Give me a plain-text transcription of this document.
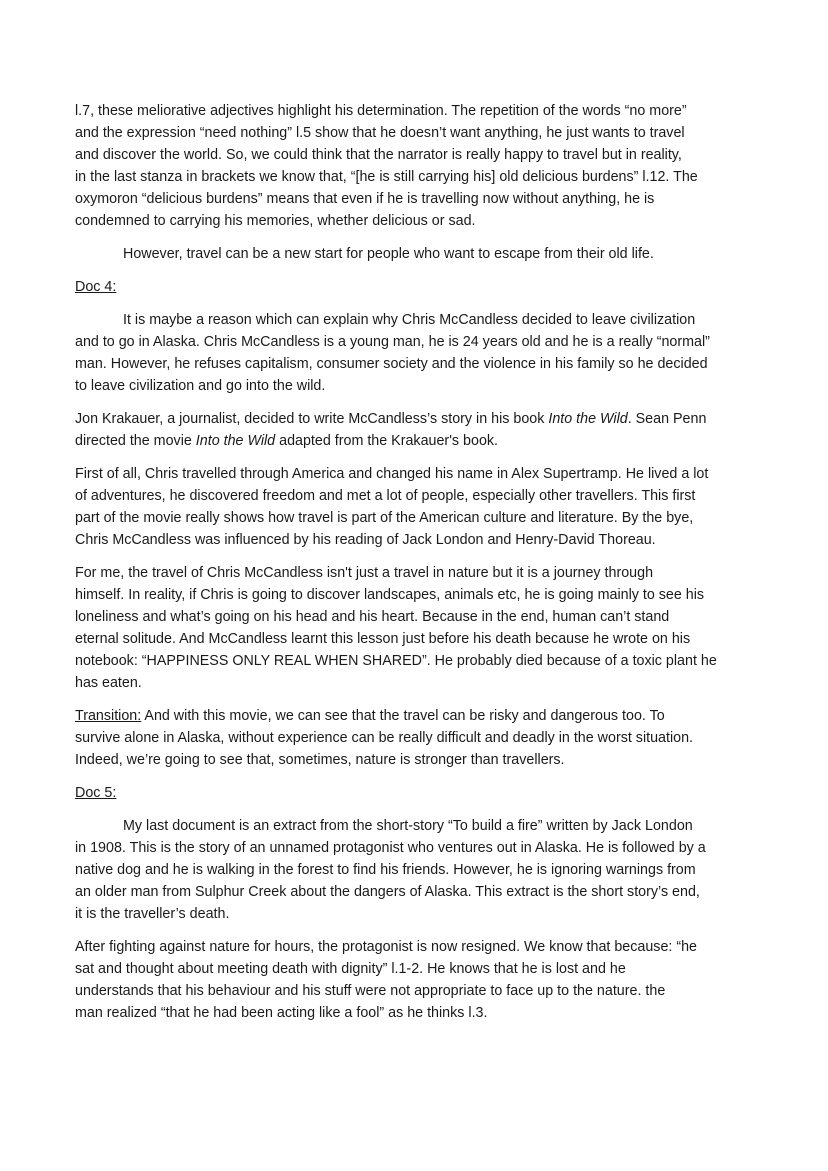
l.7, these meliorative adjectives highlight his determination. The repetition of the words “no more”
and the expression “need nothing” l.5 show that he doesn’t want anything, he just wants to travel
and discover the world. So, we could think that the narrator is really happy to travel but in reality,
in the last stanza in brackets we know that, “[he is still carrying his] old delicious burdens” l.12. The
oxymoron “delicious burdens” means that even if he is travelling now without anything, he is
condemned to carrying his memories, whether delicious or sad.

However, travel can be a new start for people who want to escape from their old life.

Doc 4:

It is maybe a reason which can explain why Chris McCandless decided to leave civilization
and to go in Alaska. Chris McCandless is a young man, he is 24 years old and he is a really “normal”
man. However, he refuses capitalism, consumer society and the violence in his family so he decided
to leave civilization and go into the wild.

Jon Krakauer, a journalist, decided to write McCandless’s story in his book Into the Wild. Sean Penn
directed the movie Into the Wild adapted from the Krakauer's book.

First of all, Chris travelled through America and changed his name in Alex Supertramp. He lived a lot
of adventures, he discovered freedom and met a lot of people, especially other travellers. This first
part of the movie really shows how travel is part of the American culture and literature. By the bye,
Chris McCandless was influenced by his reading of Jack London and Henry-David Thoreau.

For me, the travel of Chris McCandless isn't just a travel in nature but it is a journey through
himself. In reality, if Chris is going to discover landscapes, animals etc, he is going mainly to see his
loneliness and what’s going on his head and his heart. Because in the end, human can’t stand
eternal solitude. And McCandless learnt this lesson just before his death because he wrote on his
notebook: “HAPPINESS ONLY REAL WHEN SHARED”. He probably died because of a toxic plant he
has eaten.

Transition: And with this movie, we can see that the travel can be risky and dangerous too. To
survive alone in Alaska, without experience can be really difficult and deadly in the worst situation.
Indeed, we’re going to see that, sometimes, nature is stronger than travellers.

Doc 5:

My last document is an extract from the short-story “To build a fire” written by Jack London
in 1908. This is the story of an unnamed protagonist who ventures out in Alaska. He is followed by a
native dog and he is walking in the forest to find his friends. However, he is ignoring warnings from
an older man from Sulphur Creek about the dangers of Alaska. This extract is the short story’s end,
it is the traveller’s death.

After fighting against nature for hours, the protagonist is now resigned. We know that because: “he
sat and thought about meeting death with dignity” l.1-2. He knows that he is lost and he
understands that his behaviour and his stuff were not appropriate to face up to the nature. the
man realized “that he had been acting like a fool” as he thinks l.3.
